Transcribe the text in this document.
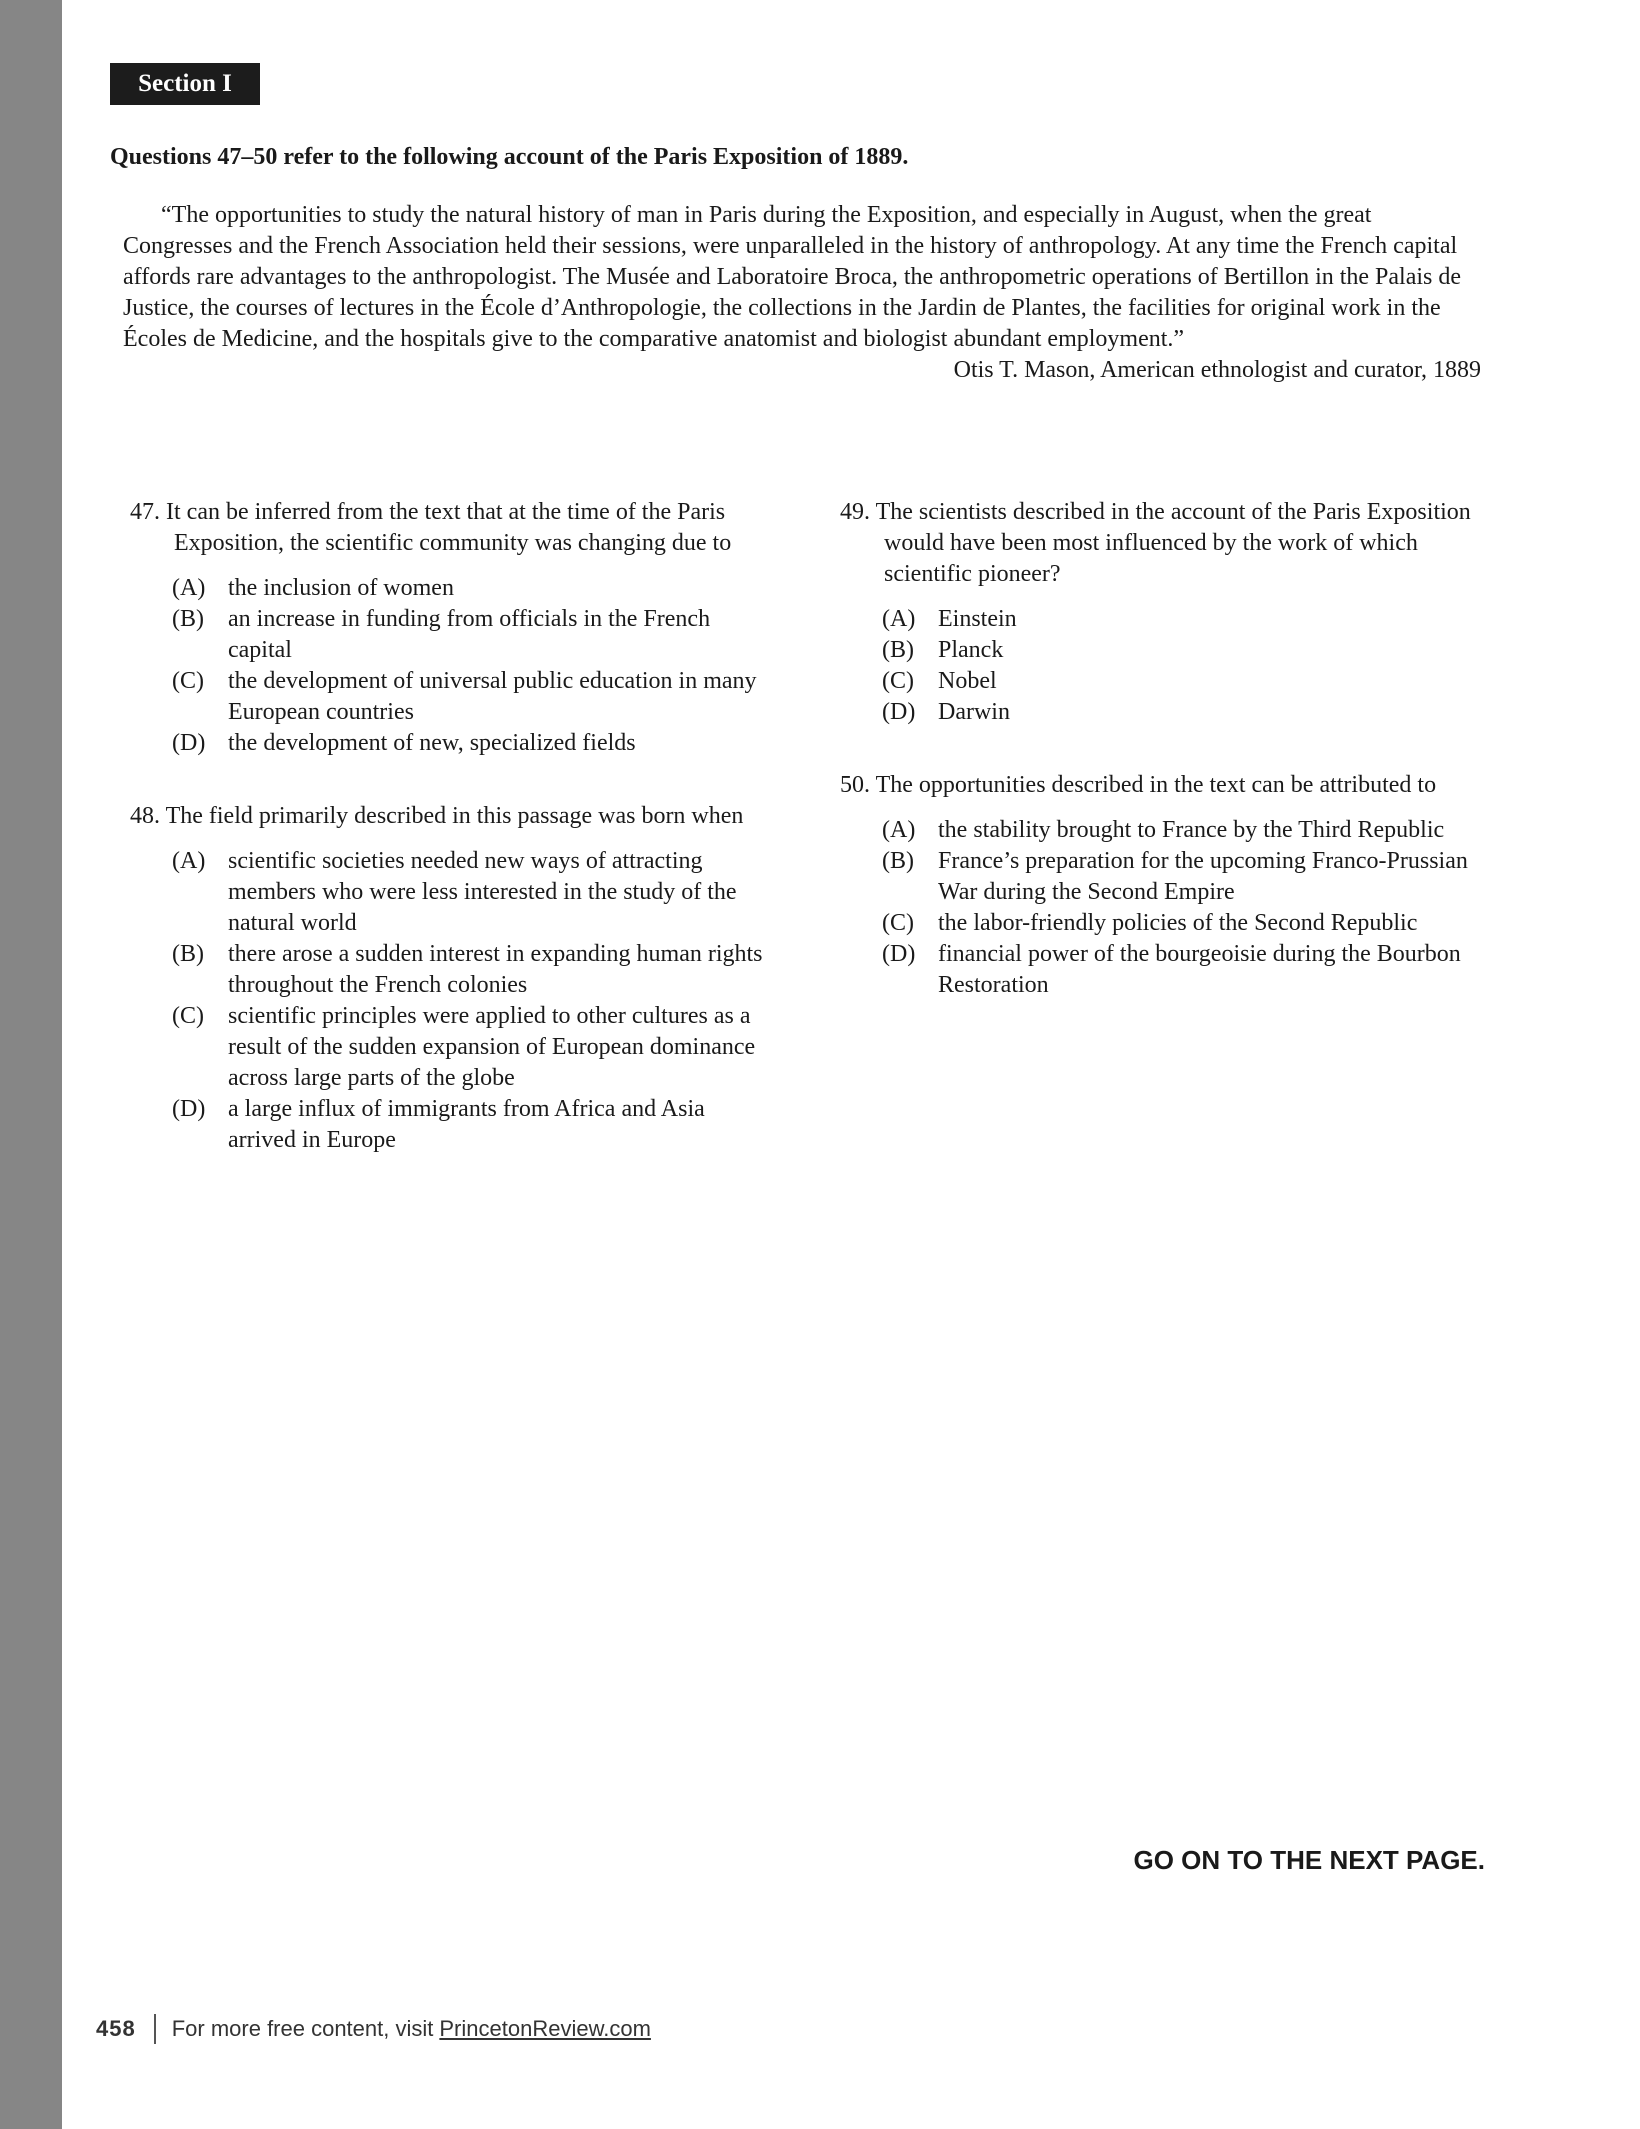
Section I
Questions 47–50 refer to the following account of the Paris Exposition of 1889.

“The opportunities to study the natural history of man in Paris during the Exposition, and especially in August, when the great Congresses and the French Association held their sessions, were unparalleled in the history of anthropology. At any time the French capital affords rare advantages to the anthropologist. The Musée and Laboratoire Broca, the anthropometric operations of Bertillon in the Palais de Justice, the courses of lectures in the École d’Anthropologie, the collections in the Jardin de Plantes, the facilities for original work in the Écoles de Medicine, and the hospitals give to the comparative anatomist and biologist abundant employment.”

Otis T. Mason, American ethnologist and curator, 1889
47. It can be inferred from the text that at the time of the Paris Exposition, the scientific community was changing due to
(A) the inclusion of women
(B)	an increase in funding from officials in the French capital
(C)	the development of universal public education in many European countries
(D) the development of new, specialized fields
48. The field primarily described in this passage was born when
(A) scientific societies needed new ways of attracting members who were less interested in the study of the natural world
(B)	there arose a sudden interest in expanding human rights throughout the French colonies
(C)	scientific principles were applied to other cultures as a result of the sudden expansion of European dominance across large parts of the globe
(D) a large influx of immigrants from Africa and Asia arrived in Europe
49. The scientists described in the account of the Paris Exposition would have been most influenced by the work of which scientific pioneer?
(A) Einstein
(B)	Planck
(C)	Nobel
(D) Darwin
50. The opportunities described in the text can be attributed to
(A) the stability brought to France by the Third Republic
(B)	France’s preparation for the upcoming Franco-Prussian War during the Second Empire
(C)	the labor-friendly policies of the Second Republic
(D) financial power of the bourgeoisie during the Bourbon Restoration
GO ON TO THE NEXT PAGE.
458 For more free content, visit PrincetonReview.com
